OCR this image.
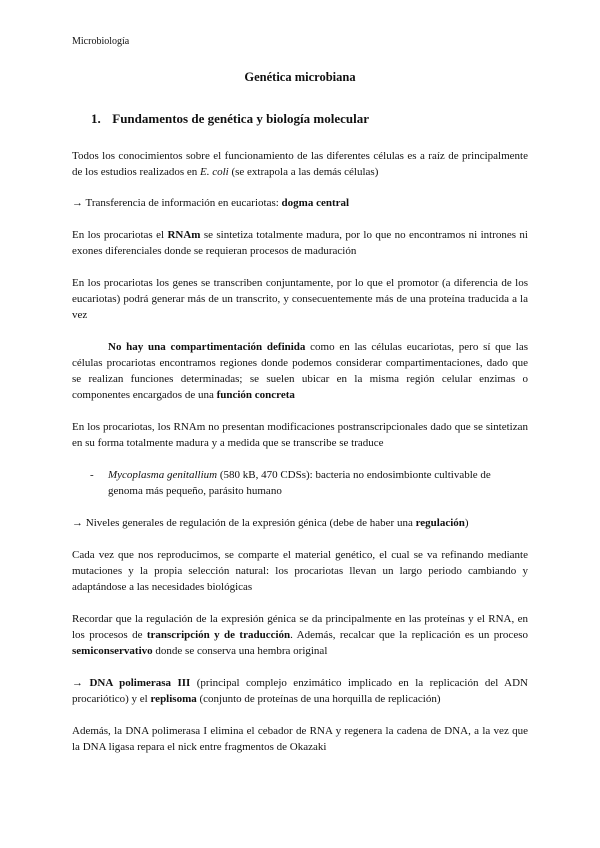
Microbiología
Genética microbiana
1. Fundamentos de genética y biología molecular

Todos los conocimientos sobre el funcionamiento de las diferentes células es a raíz de principalmente de los estudios realizados en E. coli (se extrapola a las demás células)

→ Transferencia de información en eucariotas: dogma central

En los procariotas el RNAm se sintetiza totalmente madura, por lo que no encontramos ni intrones ni exones diferenciales donde se requieran procesos de maduración

En los procariotas los genes se transcriben conjuntamente, por lo que el promotor (a diferencia de los eucariotas) podrá generar más de un transcrito, y consecuentemente más de una proteína traducida a la vez

No hay una compartimentación definida como en las células eucariotas, pero sí que las células procariotas encontramos regiones donde podemos considerar compartimentaciones, dado que se realizan funciones determinadas; se suelen ubicar en la misma región celular enzimas o componentes encargados de una función concreta

En los procariotas, los RNAm no presentan modificaciones postranscripcionales dado que se sintetizan en su forma totalmente madura y a medida que se transcribe se traduce

- Mycoplasma genitallium (580 kB, 470 CDSs): bacteria no endosimbionte cultivable de genoma más pequeño, parásito humano

→ Niveles generales de regulación de la expresión génica (debe de haber una regulación)

Cada vez que nos reproducimos, se comparte el material genético, el cual se va refinando mediante mutaciones y la propia selección natural: los procariotas llevan un largo periodo cambiando y adaptándose a las necesidades biológicas

Recordar que la regulación de la expresión génica se da principalmente en las proteínas y el RNA, en los procesos de transcripción y de traducción. Además, recalcar que la replicación es un proceso semiconservativo donde se conserva una hembra original

→ DNA polimerasa III (principal complejo enzimático implicado en la replicación del ADN procariótico) y el replisoma (conjunto de proteínas de una horquilla de replicación)

Además, la DNA polimerasa I elimina el cebador de RNA y regenera la cadena de DNA, a la vez que la DNA ligasa repara el nick entre fragmentos de Okazaki
